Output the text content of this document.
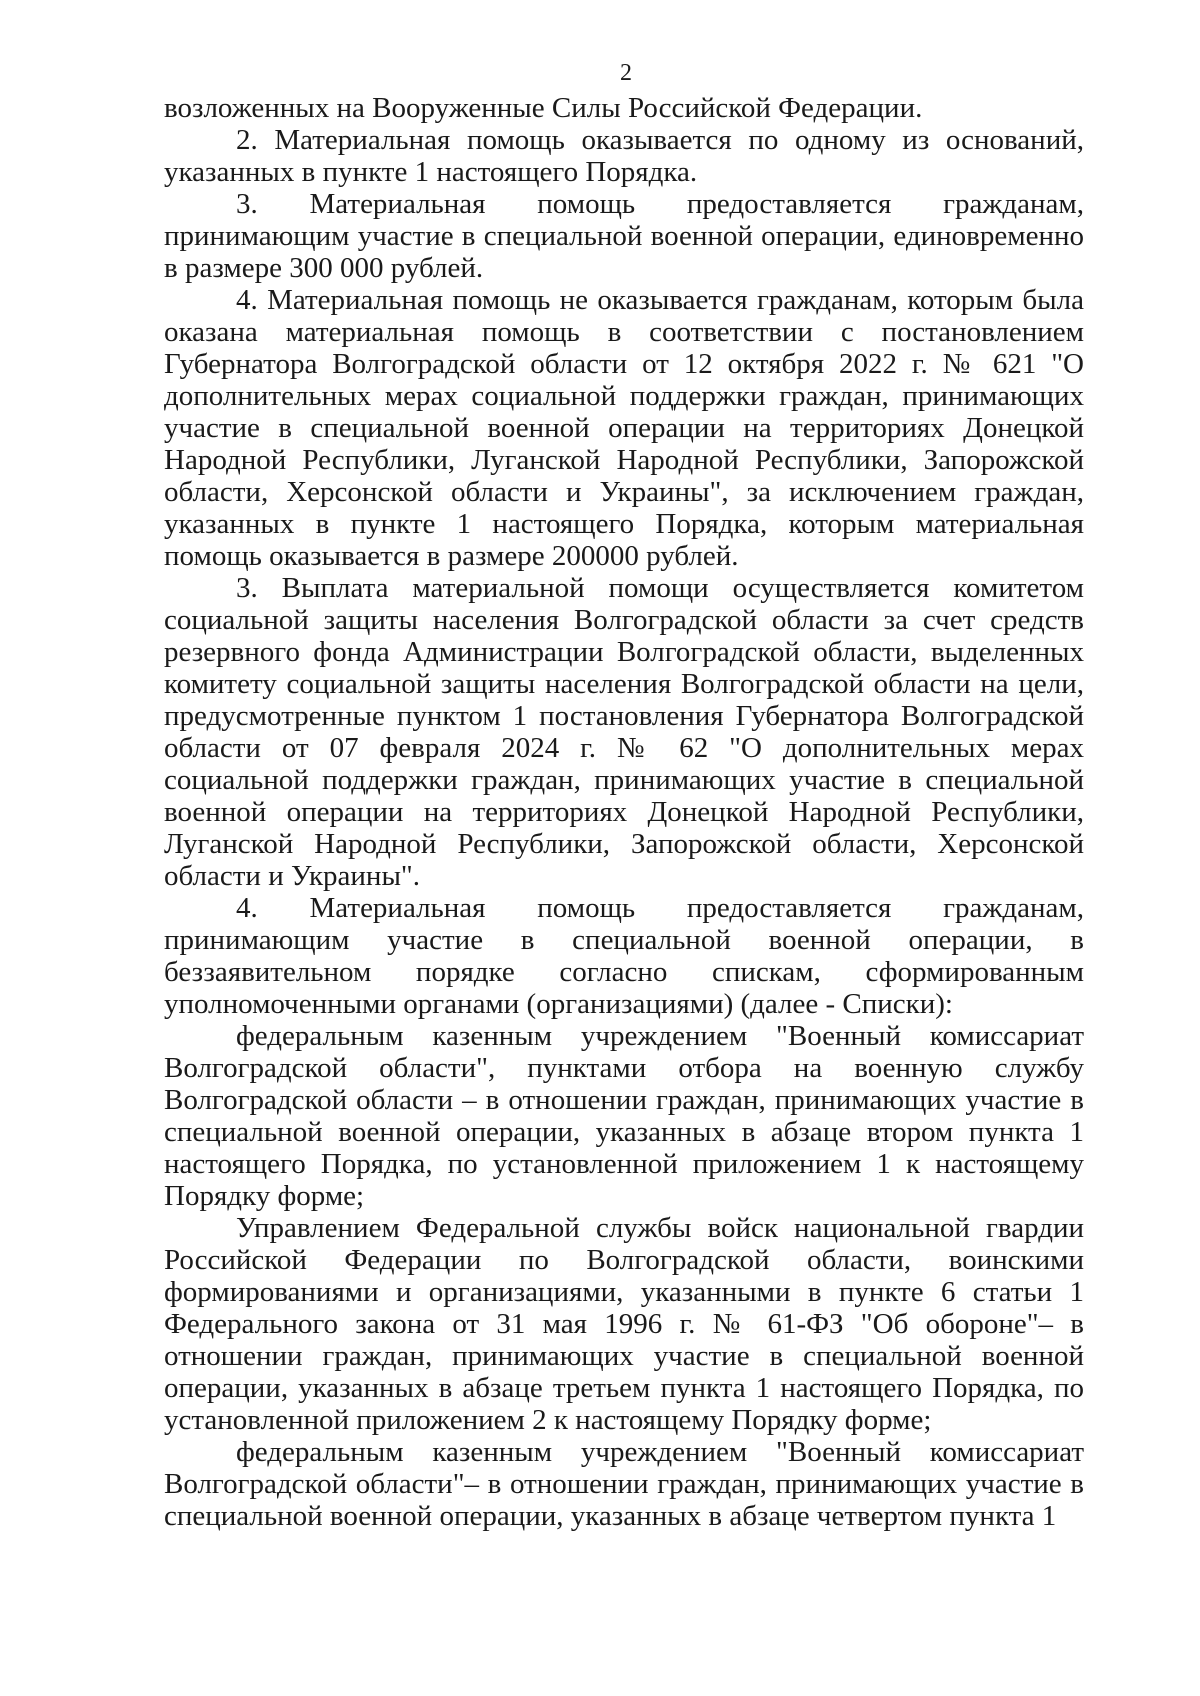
2

возложенных на Вооруженные Силы Российской Федерации.

2. Материальная помощь оказывается по одному из оснований, указанных в пункте 1 настоящего Порядка.

3. Материальная помощь предоставляется гражданам, принимающим участие в специальной военной операции, единовременно в размере 300 000 рублей.

4. Материальная помощь не оказывается гражданам, которым была оказана материальная помощь в соответствии с постановлением Губернатора Волгоградской области от 12 октября 2022 г. № 621 "О дополнительных мерах социальной поддержки граждан, принимающих участие в специальной военной операции на территориях Донецкой Народной Республики, Луганской Народной Республики, Запорожской области, Херсонской области и Украины", за исключением граждан, указанных в пункте 1 настоящего Порядка, которым материальная помощь оказывается в размере 200000 рублей.

3. Выплата материальной помощи осуществляется комитетом социальной защиты населения Волгоградской области за счет средств резервного фонда Администрации Волгоградской области, выделенных комитету социальной защиты населения Волгоградской области на цели, предусмотренные пунктом 1 постановления Губернатора Волгоградской области от 07 февраля 2024 г. № 62 "О дополнительных мерах социальной поддержки граждан, принимающих участие в специальной военной операции на территориях Донецкой Народной Республики, Луганской Народной Республики, Запорожской области, Херсонской области и Украины".

4. Материальная помощь предоставляется гражданам, принимающим участие в специальной военной операции, в беззаявительном порядке согласно спискам, сформированным уполномоченными органами (организациями) (далее - Списки):

федеральным казенным учреждением "Военный комиссариат Волгоградской области", пунктами отбора на военную службу Волгоградской области – в отношении граждан, принимающих участие в специальной военной операции, указанных в абзаце втором пункта 1 настоящего Порядка, по установленной приложением 1 к настоящему Порядку форме;

Управлением Федеральной службы войск национальной гвардии Российской Федерации по Волгоградской области, воинскими формированиями и организациями, указанными в пункте 6 статьи 1 Федерального закона от 31 мая 1996 г. № 61-ФЗ "Об обороне"– в отношении граждан, принимающих участие в специальной военной операции, указанных в абзаце третьем пункта 1 настоящего Порядка, по установленной приложением 2 к настоящему Порядку форме;

федеральным казенным учреждением "Военный комиссариат Волгоградской области"– в отношении граждан, принимающих участие в специальной военной операции, указанных в абзаце четвертом пункта 1
